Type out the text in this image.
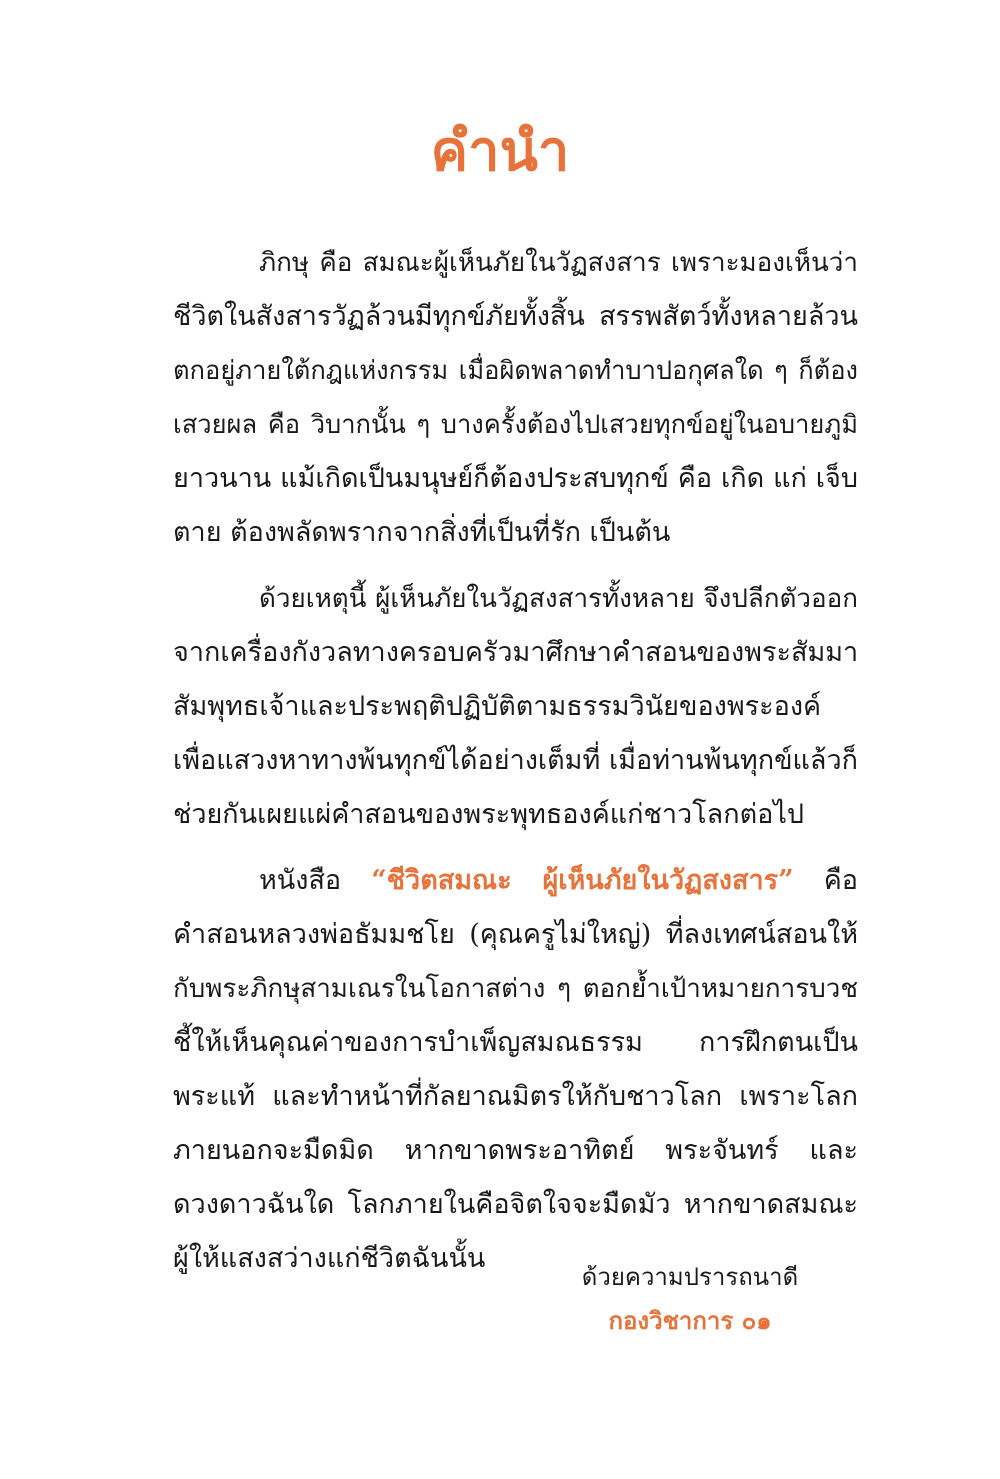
คำนำ
ภิกษุ คือ สมณะผู้เห็นภัยในวัฏสงสาร เพราะมองเห็นว่า
ชีวิตในสังสารวัฏล้วนมีทุกข์ภัยทั้งสิ้น สรรพสัตว์ทั้งหลายล้วน
ตกอยู่ภายใต้กฎแห่งกรรม เมื่อผิดพลาดทำบาปอกุศลใด ๆ ก็ต้อง
เสวยผล คือ วิบากนั้น ๆ บางครั้งต้องไปเสวยทุกข์อยู่ในอบายภูมิ
ยาวนาน แม้เกิดเป็นมนุษย์ก็ต้องประสบทุกข์ คือ เกิด แก่ เจ็บ
ตาย ต้องพลัดพรากจากสิ่งที่เป็นที่รัก เป็นต้น
ด้วยเหตุนี้ ผู้เห็นภัยในวัฏสงสารทั้งหลาย จึงปลีกตัวออก
จากเครื่องกังวลทางครอบครัวมาศึกษาคำสอนของพระสัมมา
สัมพุทธเจ้าและประพฤติปฏิบัติตามธรรมวินัยของพระองค์
เพื่อแสวงหาทางพ้นทุกข์ได้อย่างเต็มที่ เมื่อท่านพ้นทุกข์แล้วก็
ช่วยกันเผยแผ่คำสอนของพระพุทธองค์แก่ชาวโลกต่อไป
หนังสือ “ชีวิตสมณะ ผู้เห็นภัยในวัฏสงสาร” คือ
คำสอนหลวงพ่อธัมมชโย (คุณครูไม่ใหญ่) ที่ลงเทศน์สอนให้
กับพระภิกษุสามเณรในโอกาสต่าง ๆ ตอกย้ำเป้าหมายการบวช
ชี้ให้เห็นคุณค่าของการบำเพ็ญสมณธรรม การฝึกตนเป็น
พระแท้ และทำหน้าที่กัลยาณมิตรให้กับชาวโลก เพราะโลก
ภายนอกจะมืดมิด หากขาดพระอาทิตย์ พระจันทร์ และ
ดวงดาวฉันใด โลกภายในคือจิตใจจะมืดมัว หากขาดสมณะ
ผู้ให้แสงสว่างแก่ชีวิตฉันนั้น
ด้วยความปรารถนาดี
กองวิชาการ ๐๑
